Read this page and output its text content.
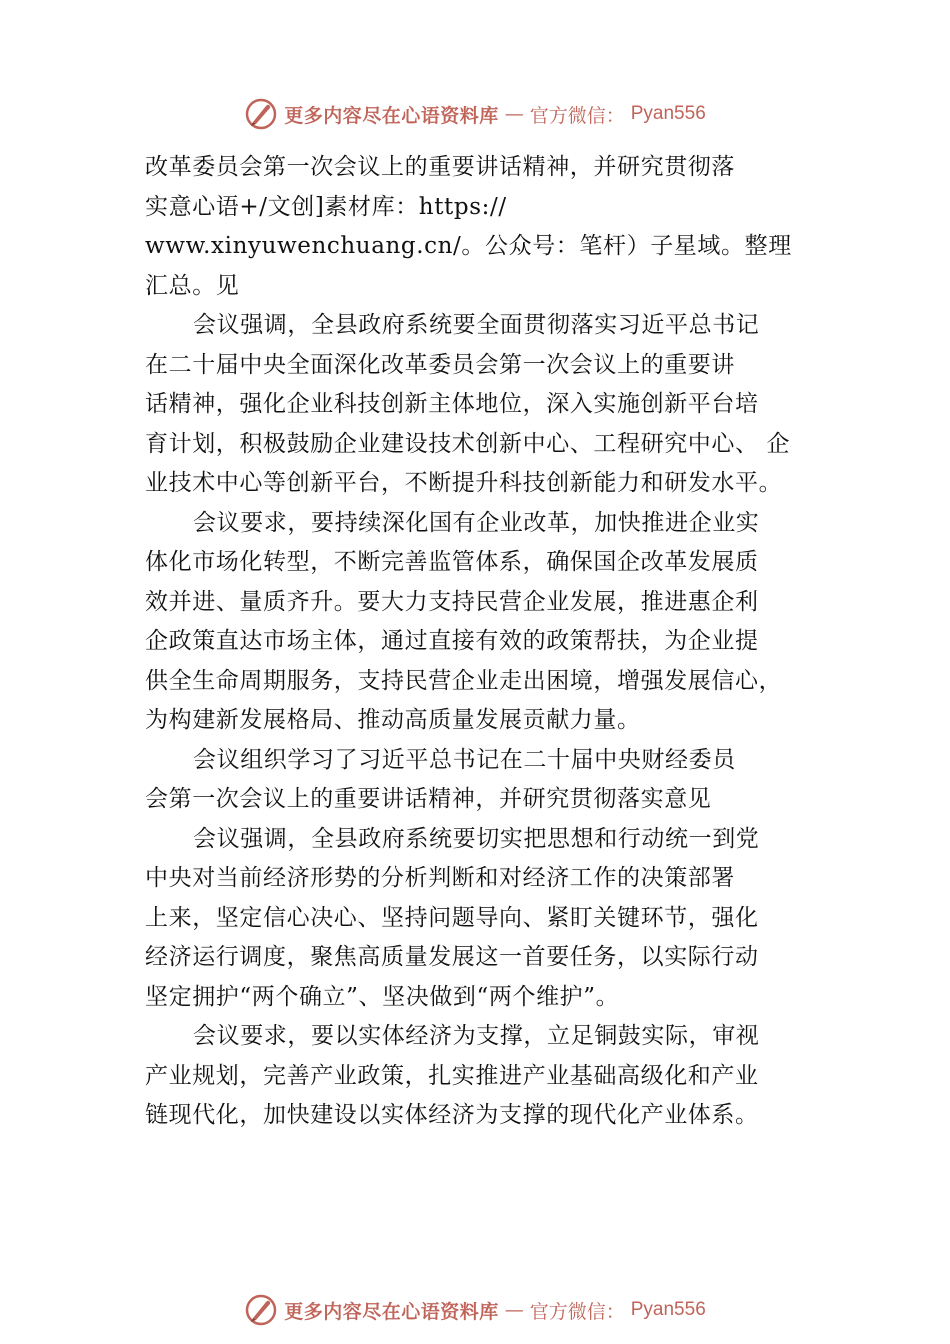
更多内容尽在心语资料库 — 官方微信： Pyan556
改革委员会第一次会议上的重要讲话精神，并研究贯彻落
实意心语+/文创]素材库：https://
www.xinyuwenchuang.cn/。公众号：笔杆）子星域。整理
汇总。见
会议强调，全县政府系统要全面贯彻落实习近平总书记
在二十届中央全面深化改革委员会第一次会议上的重要讲
话精神，强化企业科技创新主体地位，深入实施创新平台培
育计划，积极鼓励企业建设技术创新中心、工程研究中心、 企
业技术中心等创新平台，不断提升科技创新能力和研发水平。
会议要求，要持续深化国有企业改革，加快推进企业实
体化市场化转型，不断完善监管体系，确保国企改革发展质
效并进、量质齐升。要大力支持民营企业发展，推进惠企利
企政策直达市场主体，通过直接有效的政策帮扶，为企业提
供全生命周期服务，支持民营企业走出困境，增强发展信心，
为构建新发展格局、推动高质量发展贡献力量。
会议组织学习了习近平总书记在二十届中央财经委员
会第一次会议上的重要讲话精神，并研究贯彻落实意见
会议强调，全县政府系统要切实把思想和行动统一到党
中央对当前经济形势的分析判断和对经济工作的决策部署
上来，坚定信心决心、坚持问题导向、紧盯关键环节，强化
经济运行调度，聚焦高质量发展这一首要任务，以实际行动
坚定拥护“两个确立”、坚决做到“两个维护”。
会议要求，要以实体经济为支撑，立足铜鼓实际，审视
产业规划，完善产业政策，扎实推进产业基础高级化和产业
链现代化，加快建设以实体经济为支撑的现代化产业体系。
更多内容尽在心语资料库 — 官方微信： Pyan556
